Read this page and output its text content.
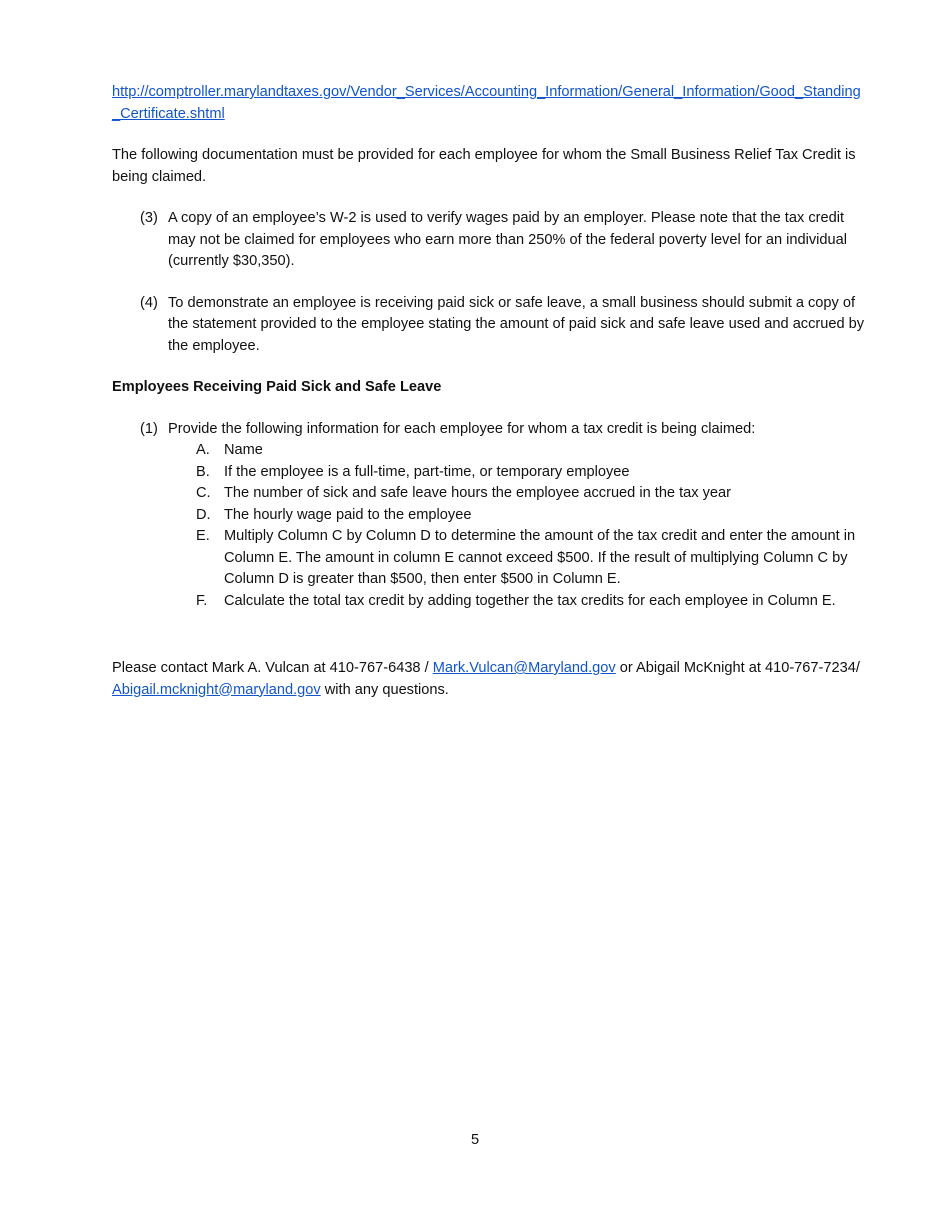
http://comptroller.marylandtaxes.gov/Vendor_Services/Accounting_Information/General_Information/Good_Standing_Certificate.shtml

The following documentation must be provided for each employee for whom the Small Business Relief Tax Credit is being claimed.

(3) A copy of an employee’s W-2 is used to verify wages paid by an employer. Please note that the tax credit may not be claimed for employees who earn more than 250% of the federal poverty level for an individual (currently $30,350).
(4) To demonstrate an employee is receiving paid sick or safe leave, a small business should submit a copy of the statement provided to the employee stating the amount of paid sick and safe leave used and accrued by the employee.

Employees Receiving Paid Sick and Safe Leave

(1) Provide the following information for each employee for whom a tax credit is being claimed:
A. Name
B. If the employee is a full-time, part-time, or temporary employee
C. The number of sick and safe leave hours the employee accrued in the tax year
D. The hourly wage paid to the employee
E. Multiply Column C by Column D to determine the amount of the tax credit and enter the amount in Column E. The amount in column E cannot exceed $500. If the result of multiplying Column C by Column D is greater than $500, then enter $500 in Column E.
F. Calculate the total tax credit by adding together the tax credits for each employee in Column E.

Please contact Mark A. Vulcan at 410-767-6438 / Mark.Vulcan@Maryland.gov or Abigail McKnight at 410-767-7234/ Abigail.mcknight@maryland.gov with any questions.

5
